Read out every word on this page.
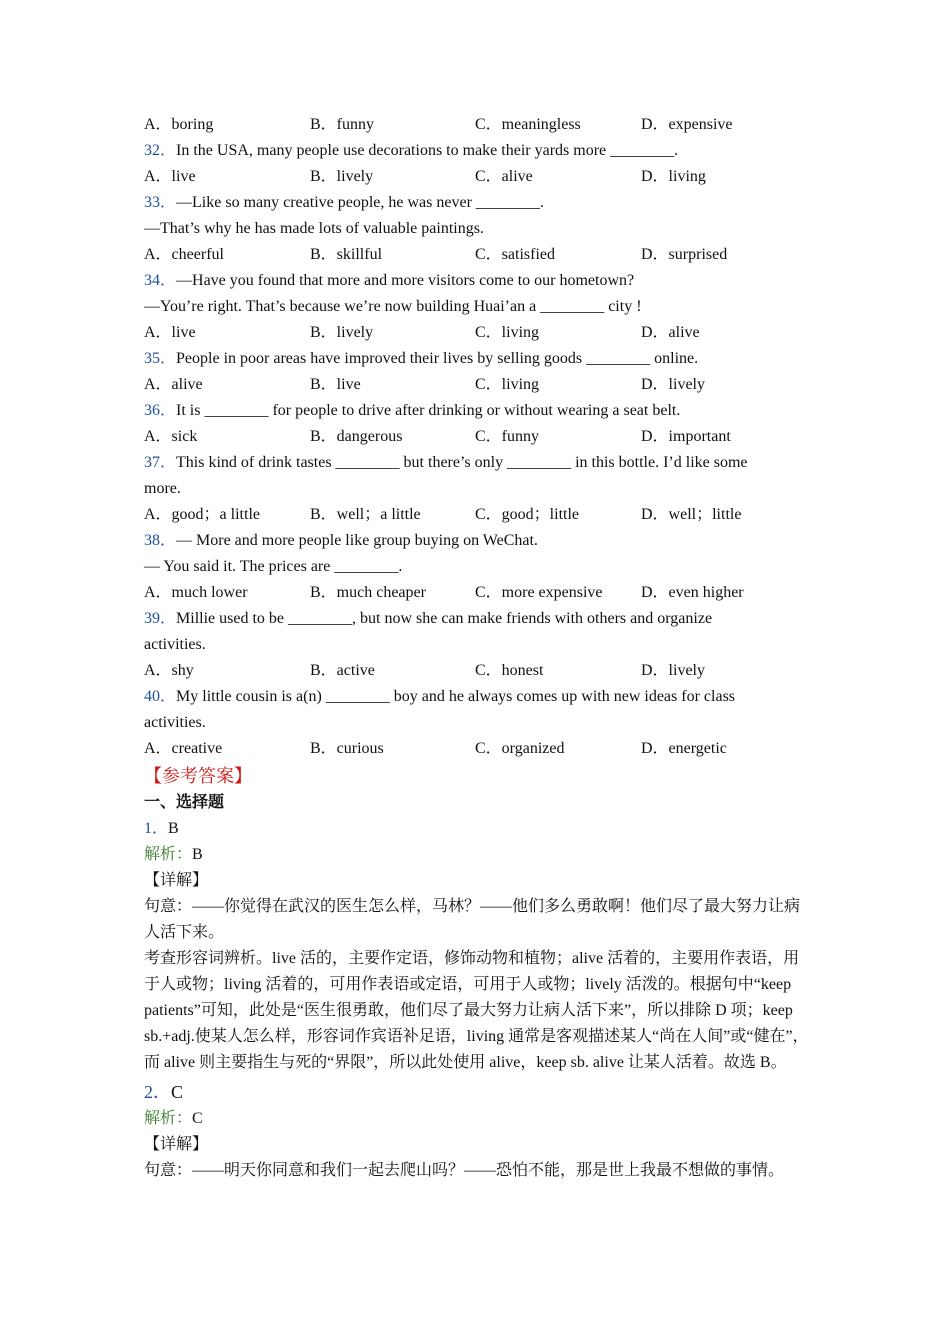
A．boring	B．funny	C．meaningless	D．expensive
32．In the USA, many people use decorations to make their yards more ________.
A．live	B．lively	C．alive	D．living
33．—Like so many creative people, he was never ________.
—That’s why he has made lots of valuable paintings.
A．cheerful	B．skillful	C．satisfied	D．surprised
34．—Have you found that more and more visitors come to our hometown?
—You’re right. That’s because we’re now building Huai’an a ________ city !
A．live	B．lively	C．living	D．alive
35．People in poor areas have improved their lives by selling goods ________ online.
A．alive	B．live	C．living	D．lively
36．It is ________ for people to drive after drinking or without wearing a seat belt.
A．sick	B．dangerous	C．funny	D．important
37．This kind of drink tastes ________ but there’s only ________ in this bottle. I’d like some
more.
A．good；a little	B．well；a little	C．good；little	D．well；little
38．— More and more people like group buying on WeChat.
— You said it. The prices are ________.
A．much lower	B．much cheaper	C．more expensive D．even higher
39．Millie used to be ________, but now she can make friends with others and organize
activities.
A．shy	B．active	C．honest	D．lively
40．My little cousin is a(n) ________ boy and he always comes up with new ideas for class
activities.
A．creative	B．curious	C．organized	D．energetic
【参考答案】
一、选择题
1．B
解析：B
【详解】
句意：——你觉得在武汉的医生怎么样，马林？——他们多么勇敢啊！他们尽了最大努力让病人活下来。
考查形容词辨析。live 活的，主要作定语，修饰动物和植物；alive 活着的，主要用作表语，用于人或物；living 活着的，可用作表语或定语，可用于人或物；lively 活泼的。根据句中“keep patients”可知，此处是“医生很勇敢，他们尽了最大努力让病人活下来”，所以排除 D 项；keep sb.+adj.使某人怎么样，形容词作宾语补足语，living 通常是客观描述某人“尚在人间”或“健在”，而 alive 则主要指生与死的“界限”，所以此处使用 alive，keep sb. alive 让某人活着。故选 B。
2．C
解析：C
【详解】
句意：——明天你同意和我们一起去爬山吗？——恐怕不能，那是世上我最不想做的事情。
